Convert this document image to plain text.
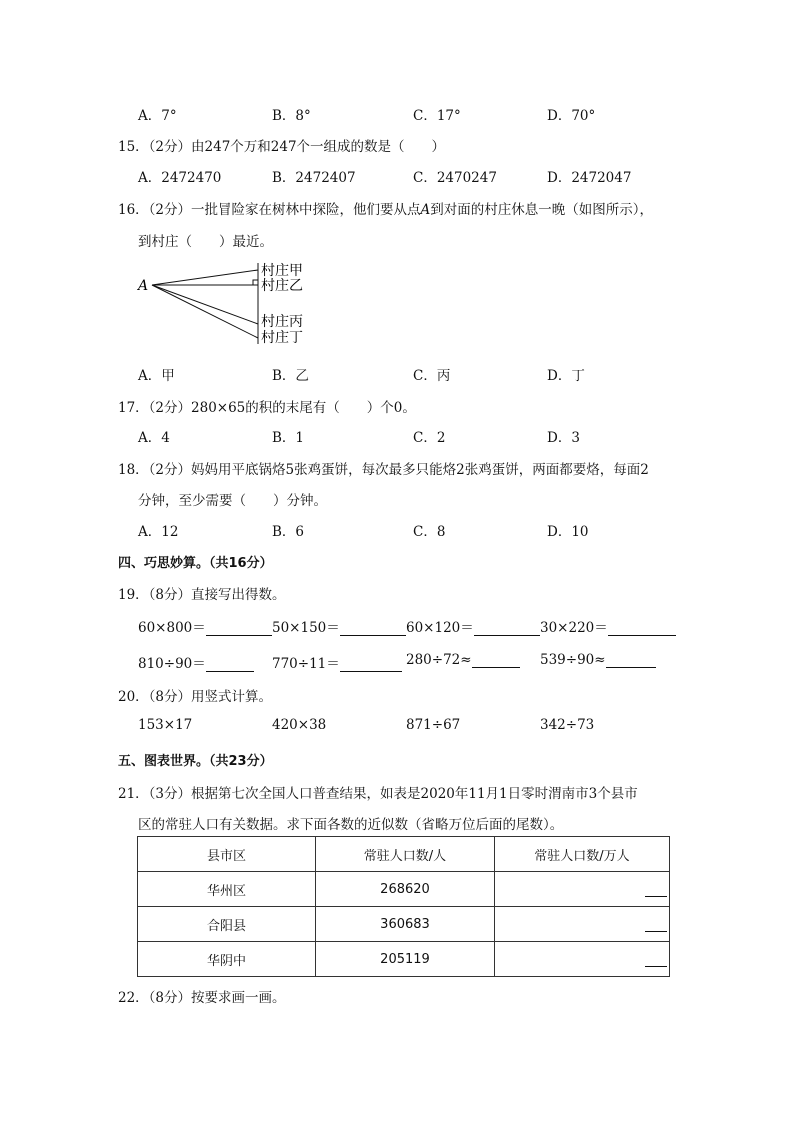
A．7°	B．8°	C．17°	D．70°
15．（2分）由247个万和247个一组成的数是（　　）
A．2472470	B．2472407	C．2470247	D．2472047
16．（2分）一批冒险家在树林中探险，他们要从点A到对面的村庄休息一晚（如图所示），
到村庄（　　）最近。
A
村庄甲
村庄乙
村庄丙
村庄丁
A．甲	B．乙	C．丙	D．丁
17．（2分）280×65的积的末尾有（　　）个0。
A．4	B．1	C．2	D．3
18．（2分）妈妈用平底锅烙5张鸡蛋饼，每次最多只能烙2张鸡蛋饼，两面都要烙，每面2
分钟，至少需要（　　）分钟。
A．12	B．6	C．8	D．10
四、巧思妙算。（共16分）
19．（8分）直接写出得数。
60×800＝	50×150＝	60×120＝	30×220＝
810÷90＝	770÷11＝	280÷72≈	539÷90≈
20．（8分）用竖式计算。
153×17	420×38	871÷67	342÷73
五、图表世界。（共23分）
21．（3分）根据第七次全国人口普查结果，如表是2020年11月1日零时渭南市3个县市
区的常驻人口有关数据。求下面各数的近似数（省略万位后面的尾数）。
县市区	常驻人口数/人	常驻人口数/万人
华州区	268620	
合阳县	360683	
华阴中	205119	
22．（8分）按要求画一画。
